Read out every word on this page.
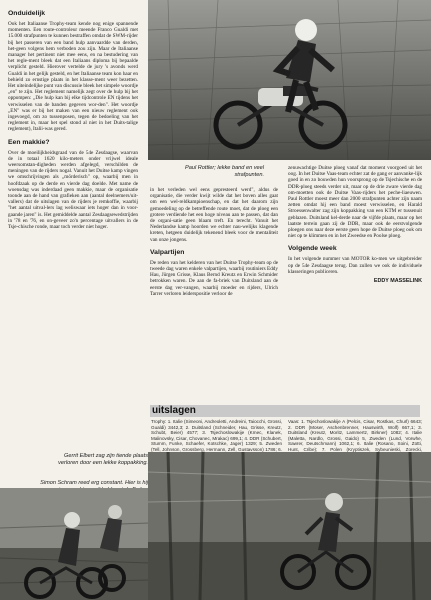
Onduidelijk

Ook het Italiaanse Trophy-team kende nog enige spannende momenten. Een route-controleur meende Franco Gualdi met 15.000 strafpunten te kunnen bestraffen omdat de SWM-rijder bij het passeren van een band hulp aanvaardde van derden, het-geen volgens hem verboden zou zijn. Maar de Italiaanse manager het pertinent niet mee eens, en na bestudering van het regle-ment bleek dat een Italiaans diploma bij bepaalde verplicht gesteld. Hierover vertelde de jury 's avonds werd Gualdi in het gelijk gesteld, en het Italiaanse team kon haar en behield zo ernstige plaats in het klasse-ment weer bezetten. Het uiteindelijke punt van discussie bleek het simpele woordje „en" te zijn. Het reglement namelijk zegt over de hulp bij het oppompen: „Die hulp kan bij elke tijdcontrole EN tijdens het verwisselen van de banden gegeven wor-den". Het woordje „EN" was er bij het maken van een nieuw reglement ook ingevoegd, om zo tussenposen, tegen de bedoeling van het reglement in, maar het spel stond al niet in het Duits-talige reglement), Italii-was gered.

Een makkie?

Over de moeilijkheidsgraad van de 54e Zesdaagse, waarvan de in totaal 1620 kilo-meters onder vrijwel ideale weersomstan-digheden werden afgelegd, verschilden de meningen van de rijders nogal. Vanuit het Duitse kamp vingen we omschrijvingen als „mörderisch" op, waarbij men in hoofdzaak op de derde en vierde dag doelde. Met name de woensdag was inderdaad geen makkie, maar de organisatie toonde aan de hand van grafieken aan (aantal deelnemers/uit-vallers) dat de uitslagen van de rijders je remkoffie, waarbij "het aantal uitval-lers lag weliswaar iets hoger dan in voor-gaande jaren" is. Het gemiddelde aantal Zesdaagsewedstrijden in '78 en '76, en on-geveer zo'n percentage uitvallers in de Tsje-chische ronde, maar toch verder niet hoger.

Gerrit Elbert zag zijn tiende plaats verloren door een lekke koppakking.
Simon Schram reed erg constant. Hier is hij
Paul Rottler; lekke band en veel strafpunten.

in het verleden wel eens gepresteerd werd", aldus de organisatie, die verder kwijt wilde dat het boven alles gaat om een wel-reldkampioenschap, en dat het daarom zijn gemoedeling op de betreffende route moet, dat de ploeg een grotere verdiende het een hoge niveau aan te passen, dat dan de organi-satie geen blaam treft. En terecht. Vanuit het Nederlandse kamp hoorden we echter nau-welijks klagende kreten, hetgeen duidelijk tekenend bleek voor de mentaliteit van onze jongens.

Valpartijen

De reden van het kelderen van het Duitse Trophy-team op de tweede dag waren enkele valpartijen, waarbij routiniers Eddy Hau, Jürgen Grisse, Klaus Bernd Kreutz en Erwin Schmider betrokken waren. De aan de fa-briek van Duitsland aan de eerste dag ver-vangen, waarbij moeder en rijders, Ulrich Tarrer verloren leiderspositie verloor de

zenuwachtige Duitse ploeg vanaf dat moment voorgoed uit het oog. In het Duitse Vaas-team echter zat de gang er aanvanke-lijk goed in en zo bouwden hun voorsprong op de Tsjechische en de DDR-ploeg steeds verder uit, maar op de drie zware vierde dag om-moetten ook de Duitse Vaas-rijders het peche-liaeuwen. Paul Rottler moest meer dan 2000 strafpunten achter zijn naam zetten omdat hij een band moest verwisselen, en Harald Stroessenwalter zag zijn koppakking van een KTM er tussenuit geblazen. Duitsland kel-derde naar de vijfde plaats, maar op het laatste terrein gaan zij de DDR, maar ook de eerstvolgende ploegen ons naar deze eerste geen hope de Duitse ploeg ook om niet op te klimmen en in het Zweedse en Poolse ploeg.

Volgende week

In het volgende nummer van MOTOR ko-men we uitgebreider op de 54e Zesdaagse terug. Dan zullen we ook de individuele klasseringen publiceren.

EDDY MASSELINK
uitslagen
Trophy: 1. Italie (Simeoni, Andreoletti, Andreini, Taiocchi, Grossi, Gualdi) 3442,3; 2. Duitsland (Schneider, Hau, Grisse, Kreutz, Schubt, Beier) 4577; 3. Tsjechoslowakije (Kmec, Klanek, Malinovsky, Cisar, Chovanec, Mrakac) 699,1; 4. DDR (Schubert, Stumm, Funke, Schaefer, Kotschke, Jager) 1329; 5. Zweden (Tell, Johnson, Grossberg, Hermann, Zell, Gustavsson) 1786; 6.
Vaas: 1. Tsjechoslowakije A (Pelcis, Cisar, Rostkas, Churl) 6643; 2. DDR (Moser, Aschenbrenner, Hauswirth, Wolf) 667,1; 3. Duitsland (Kreutz, Moritz, Lammertz, Birkner) 1082; 4. Italie (Maletta, Nardlo, Grossi, Gaido) 5, Zweden (Lund, Vorwhe, Sawrer, Deutschmann) 1062,1; 6. Italie (Rosano, Soini, Zotti, Hunt, Cribe); 7. Polen (Kryptiszek, Sybeunieski, Zorecki,
